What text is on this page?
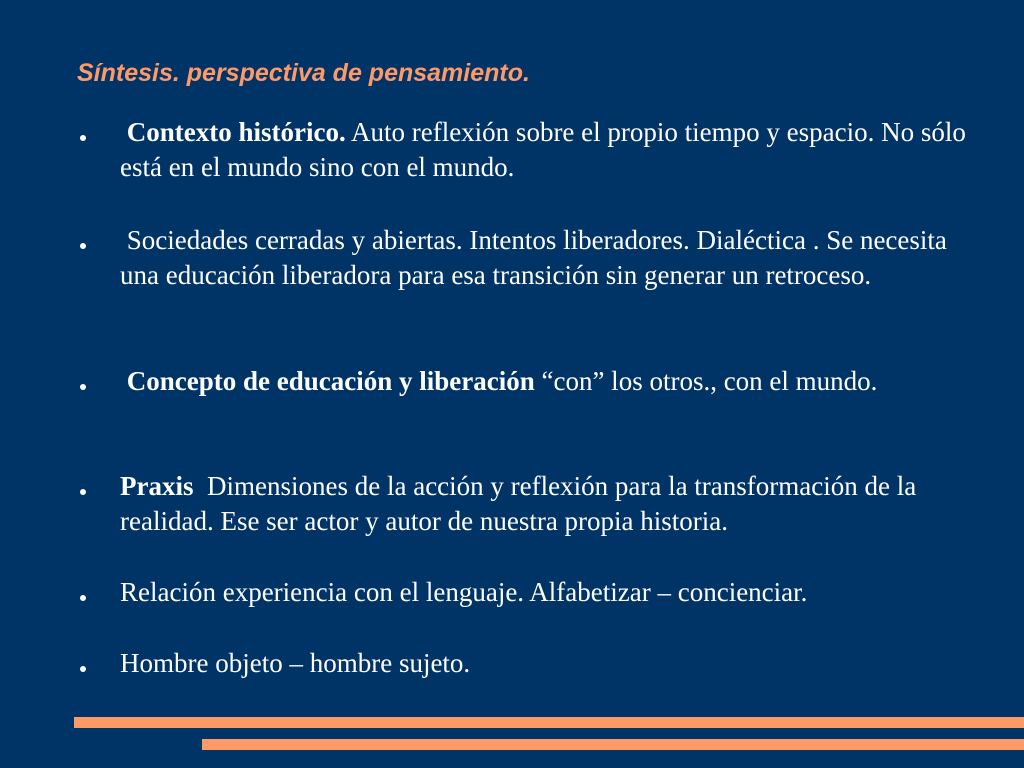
Síntesis. perspectiva de pensamiento.
Contexto histórico. Auto reflexión sobre el propio tiempo y espacio. No sólo está en el mundo sino con el mundo.
Sociedades cerradas y abiertas. Intentos liberadores. Dialéctica . Se necesita una educación liberadora para esa transición sin generar un retroceso.
Concepto de educación y liberación “con” los otros., con el mundo.
Praxis  Dimensiones de la acción y reflexión para la transformación de la realidad. Ese ser actor y autor de nuestra propia historia.
Relación experiencia con el lenguaje. Alfabetizar – concienciar.
Hombre objeto – hombre sujeto.
